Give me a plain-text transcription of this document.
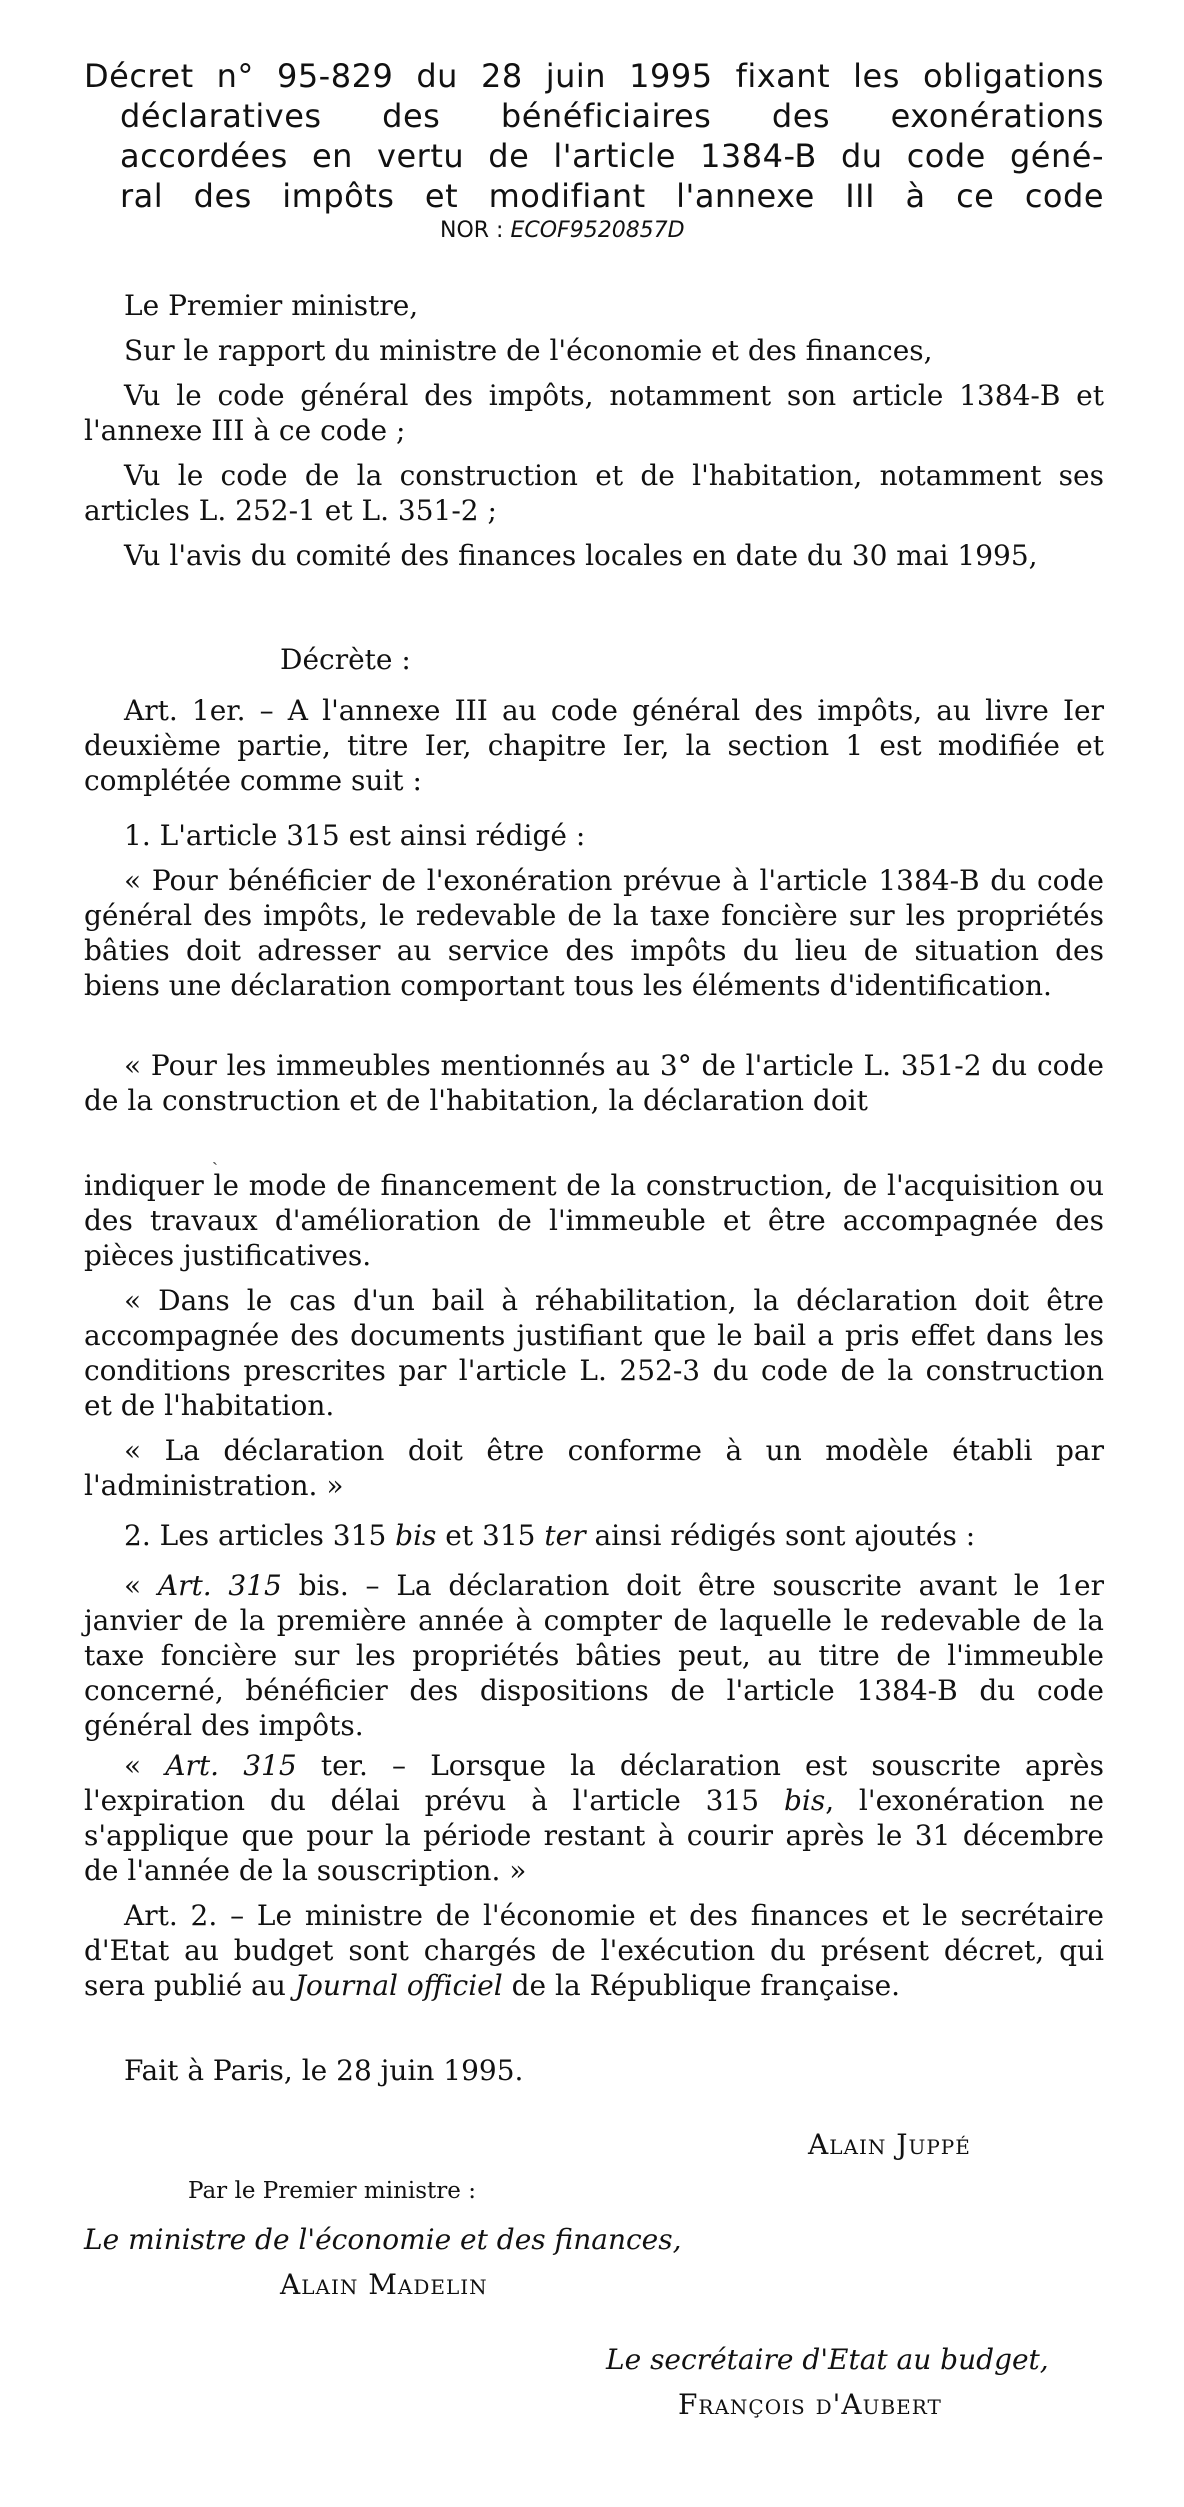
Décret n° 95-829 du 28 juin 1995 fixant les obligations
déclaratives des bénéficiaires des exonérations
accordées en vertu de l'article 1384-B du code géné-
ral des impôts et modifiant l'annexe III à ce code
NOR : ECOF9520857D
Le Premier ministre,
Sur le rapport du ministre de l'économie et des finances,
Vu le code général des impôts, notamment son article 1384-B et l'annexe III à ce code ;
Vu le code de la construction et de l'habitation, notamment ses articles L. 252-1 et L. 351-2 ;
Vu l'avis du comité des finances locales en date du 30 mai 1995,
Décrète :
Art. 1er. – A l'annexe III au code général des impôts, au livre Ier deuxième partie, titre Ier, chapitre Ier, la section 1 est modifiée et complétée comme suit :
1. L'article 315 est ainsi rédigé :
« Pour bénéficier de l'exonération prévue à l'article 1384-B du code général des impôts, le redevable de la taxe foncière sur les propriétés bâties doit adresser au service des impôts du lieu de situation des biens une déclaration comportant tous les éléments d'identification.
« Pour les immeubles mentionnés au 3° de l'article L. 351-2 du code de la construction et de l'habitation, la déclaration doit
ˎ
indiquer le mode de financement de la construction, de l'acquisition ou des travaux d'amélioration de l'immeuble et être accompagnée des pièces justificatives.
« Dans le cas d'un bail à réhabilitation, la déclaration doit être accompagnée des documents justifiant que le bail a pris effet dans les conditions prescrites par l'article L. 252-3 du code de la construction et de l'habitation.
« La déclaration doit être conforme à un modèle établi par l'administration. »
2. Les articles 315 bis et 315 ter ainsi rédigés sont ajoutés :
« Art. 315 bis. – La déclaration doit être souscrite avant le 1er janvier de la première année à compter de laquelle le redevable de la taxe foncière sur les propriétés bâties peut, au titre de l'immeuble concerné, bénéficier des dispositions de l'article 1384-B du code général des impôts.
« Art. 315 ter. – Lorsque la déclaration est souscrite après l'expiration du délai prévu à l'article 315 bis, l'exonération ne s'applique que pour la période restant à courir après le 31 décembre de l'année de la souscription. »
Art. 2. – Le ministre de l'économie et des finances et le secrétaire d'Etat au budget sont chargés de l'exécution du présent décret, qui sera publié au Journal officiel de la République française.
Fait à Paris, le 28 juin 1995.
Alain Juppé
Par le Premier ministre :
Le ministre de l'économie et des finances,
Alain Madelin
Le secrétaire d'Etat au budget,
François d'Aubert
